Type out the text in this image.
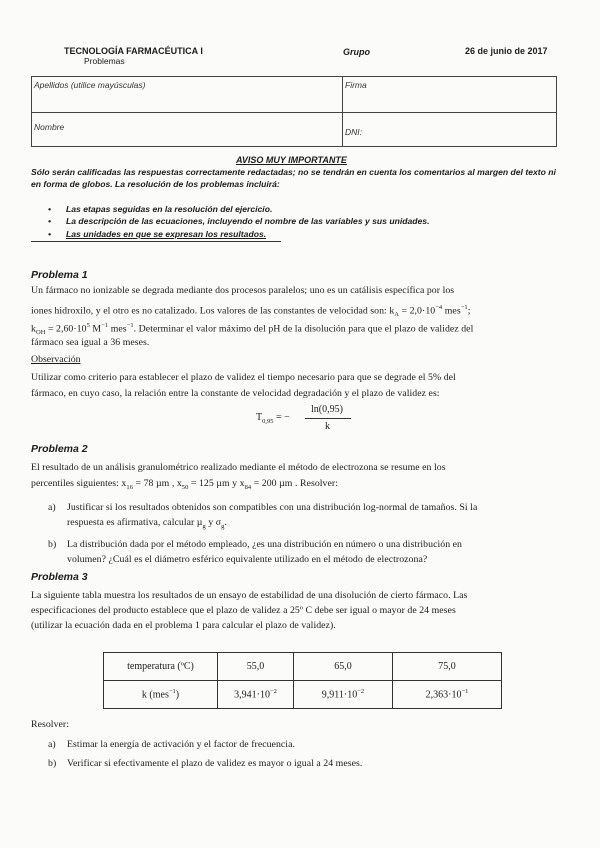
TECNOLOGÍA FARMACÉUTICA I
Problemas
Grupo	26 de junio de 2017
Apellidos (utilice mayúsculas)	Firma
Nombre	DNI:
AVISO MUY IMPORTANTE
Sólo serán calificadas las respuestas correctamente redactadas; no se tendrán en cuenta los comentarios al margen del texto ni en forma de globos. La resolución de los problemas incluirá:
• Las etapas seguidas en la resolución del ejercicio.
• La descripción de las ecuaciones, incluyendo el nombre de las variables y sus unidades.
• Las unidades en que se expresan los resultados.
Problema 1
Un fármaco no ionizable se degrada mediante dos procesos paralelos; uno es un catálisis específica por los
iones hidroxilo, y el otro es no catalizado. Los valores de las constantes de velocidad son: $k_A = 2,0\cdot 10^{-4}$ mes$^{-1}$;
$k_{OH} = 2,60\cdot 10^5$ $M^{-1}$ mes$^{-1}$. Determinar el valor máximo del pH de la disolución para que el plazo de validez del
fármaco sea igual a 36 meses.
Observación
Utilizar como criterio para establecer el plazo de validez el tiempo necesario para que se degrade el 5% del
fármaco, en cuyo caso, la relación entre la constante de velocidad degradación y el plazo de validez es:
$T_{0,95}$ = −
ln(0,95)
k
Problema 2
El resultado de un análisis granulométrico realizado mediante el método de electrozona se resume en los
percentiles siguientes: $x_{16} = 78$ µm , $x_{50} = 125$ µm y $x_{84} = 200$ µm . Resolver:
a) Justificar si los resultados obtenidos son compatibles con una distribución log-normal de tamaños. Si la
respuesta es afirmativa, calcular µ$_g$ y $\sigma_g$.
b) La distribución dada por el método empleado, ¿es una distribución en número o una distribución en
volumen? ¿Cuál es el diámetro esférico equivalente utilizado en el método de electrozona?
Problema 3
La siguiente tabla muestra los resultados de un ensayo de estabilidad de una disolución de cierto fármaco. Las
especificaciones del producto establece que el plazo de validez a 25º C debe ser igual o mayor de 24 meses
(utilizar la ecuación dada en el problema 1 para calcular el plazo de validez).
temperatura (ºC)	55,0	65,0	75,0
k (mes$^{-1}$)	$3,941\cdot 10^{-2}$	$9,911\cdot 10^{-2}$	$2,363\cdot 10^{-1}$
Resolver:
a) Estimar la energía de activación y el factor de frecuencia.
b) Verificar si efectivamente el plazo de validez es mayor o igual a 24 meses.
